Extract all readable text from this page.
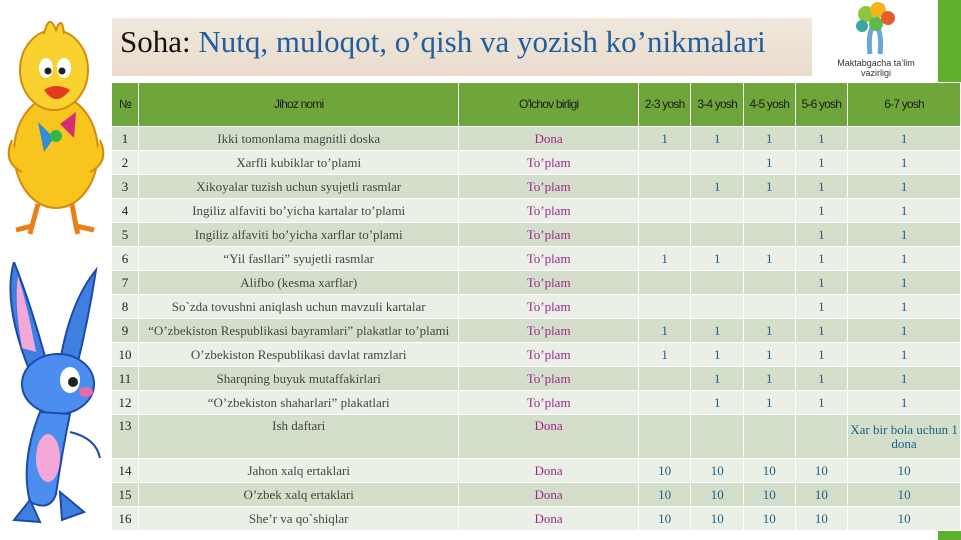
Soha: Nutq, muloqot, o’qish va yozish ko’nikmalari
Maktabgacha ta’lim
vazirligi
№	Jihoz nomi	O’lchov birligi	2-3 yosh	3-4 yosh	4-5 yosh	5-6 yosh	6-7 yosh
1	Ikki tomonlama magnitli doska	Dona	1	1	1	1	1
2	Xarfli kubiklar to’plami	To’plam			1	1	1
3	Xikoyalar tuzish uchun syujetli rasmlar	To’plam		1	1	1	1
4	Ingiliz alfaviti bo’yicha kartalar to’plami	To’plam				1	1
5	Ingiliz alfaviti bo’yicha xarflar to’plami	To’plam				1	1
6	“Yil fasllari” syujetli rasmlar	To’plam	1	1	1	1	1
7	Alifbo (kesma xarflar)	To’plam				1	1
8	So`zda tovushni aniqlash uchun mavzuli kartalar	To’plam				1	1
9	“O’zbekiston Respublikasi bayramlari” plakatlar to’plami	To’plam	1	1	1	1	1
10	O’zbekiston Respublikasi davlat ramzlari	To’plam	1	1	1	1	1
11	Sharqning buyuk mutaffakirlari	To’plam		1	1	1	1
12	“O’zbekiston shaharlari” plakatlari	To’plam		1	1	1	1
13	Ish daftari	Dona					Xar bir bola uchun 1 dona
14	Jahon xalq ertaklari	Dona	10	10	10	10	10
15	O’zbek xalq ertaklari	Dona	10	10	10	10	10
16	She’r va qo`shiqlar	Dona	10	10	10	10	10
